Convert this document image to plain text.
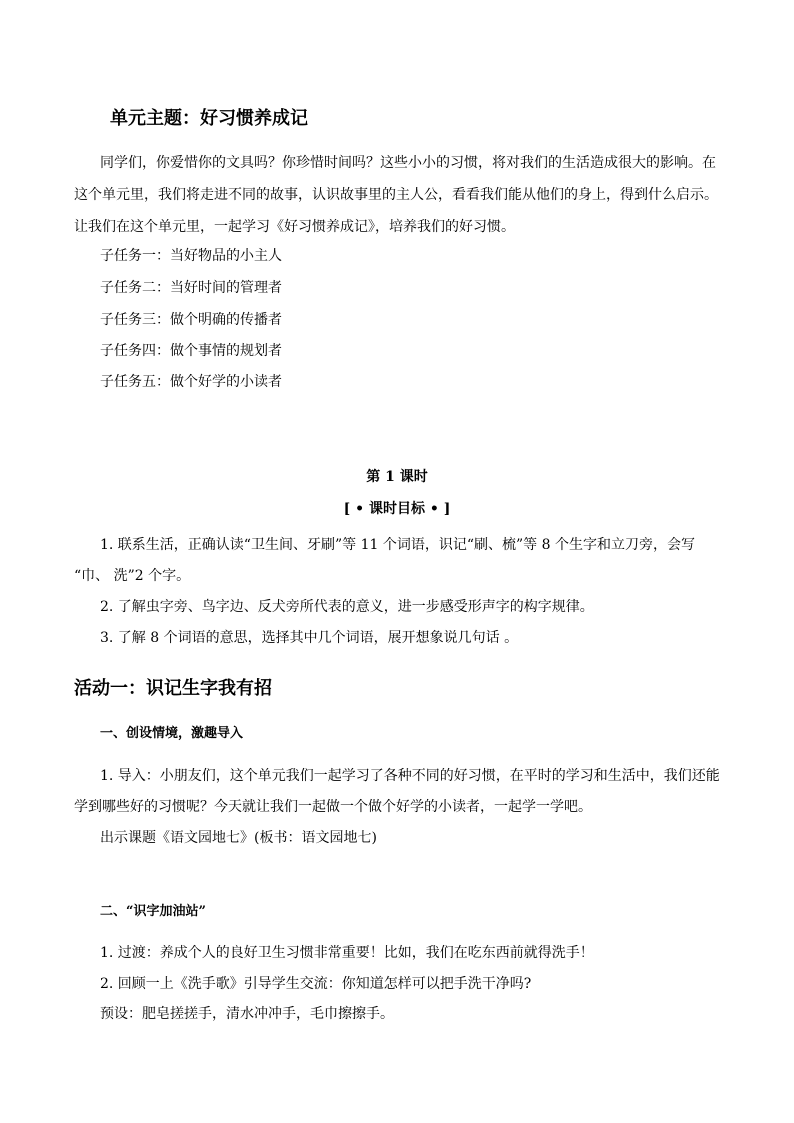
单元主题：好习惯养成记
同学们，你爱惜你的文具吗？你珍惜时间吗？这些小小的习惯，将对我们的生活造成很大的影响。在
这个单元里，我们将走进不同的故事，认识故事里的主人公，看看我们能从他们的身上，得到什么启示。
让我们在这个单元里，一起学习《好习惯养成记》，培养我们的好习惯。
子任务一：当好物品的小主人
子任务二：当好时间的管理者
子任务三：做个明确的传播者
子任务四：做个事情的规划者
子任务五：做个好学的小读者
第 1 课时
[ • 课时目标 • ]
1. 联系生活，正确认读“卫生间、牙刷”等 11 个词语，识记“刷、梳”等 8 个生字和立刀旁，会写
“巾、 洗”2 个字。
2. 了解虫字旁、鸟字边、反犬旁所代表的意义，进一步感受形声字的构字规律。
3. 了解 8 个词语的意思，选择其中几个词语，展开想象说几句话 。
活动一：识记生字我有招
一、创设情境，激趣导入
1. 导入：小朋友们，这个单元我们一起学习了各种不同的好习惯，在平时的学习和生活中，我们还能
学到哪些好的习惯呢？今天就让我们一起做一个做个好学的小读者，一起学一学吧。
出示课题《语文园地七》(板书：语文园地七)
二、“识字加油站”
1. 过渡：养成个人的良好卫生习惯非常重要！比如，我们在吃东西前就得洗手！
2. 回顾一上《洗手歌》引导学生交流：你知道怎样可以把手洗干净吗?
预设：肥皂搓搓手，清水冲冲手，毛巾擦擦手。
